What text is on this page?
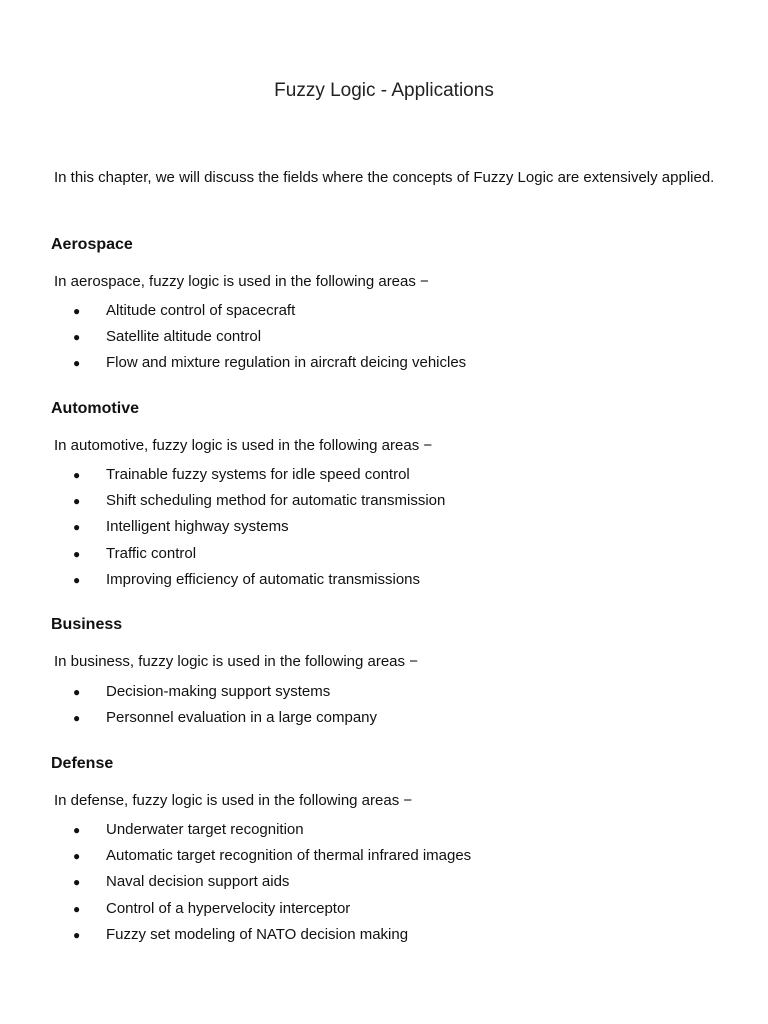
Fuzzy Logic - Applications

In this chapter, we will discuss the fields where the concepts of Fuzzy Logic are extensively applied.

Aerospace

In aerospace, fuzzy logic is used in the following areas −

● Altitude control of spacecraft
● Satellite altitude control
● Flow and mixture regulation in aircraft deicing vehicles
Automotive

In automotive, fuzzy logic is used in the following areas −

● Trainable fuzzy systems for idle speed control
● Shift scheduling method for automatic transmission
● Intelligent highway systems
● Traffic control
● Improving efficiency of automatic transmissions
Business

In business, fuzzy logic is used in the following areas −

● Decision-making support systems
● Personnel evaluation in a large company
Defense

In defense, fuzzy logic is used in the following areas −

● Underwater target recognition
● Automatic target recognition of thermal infrared images
● Naval decision support aids
● Control of a hypervelocity interceptor
● Fuzzy set modeling of NATO decision making
